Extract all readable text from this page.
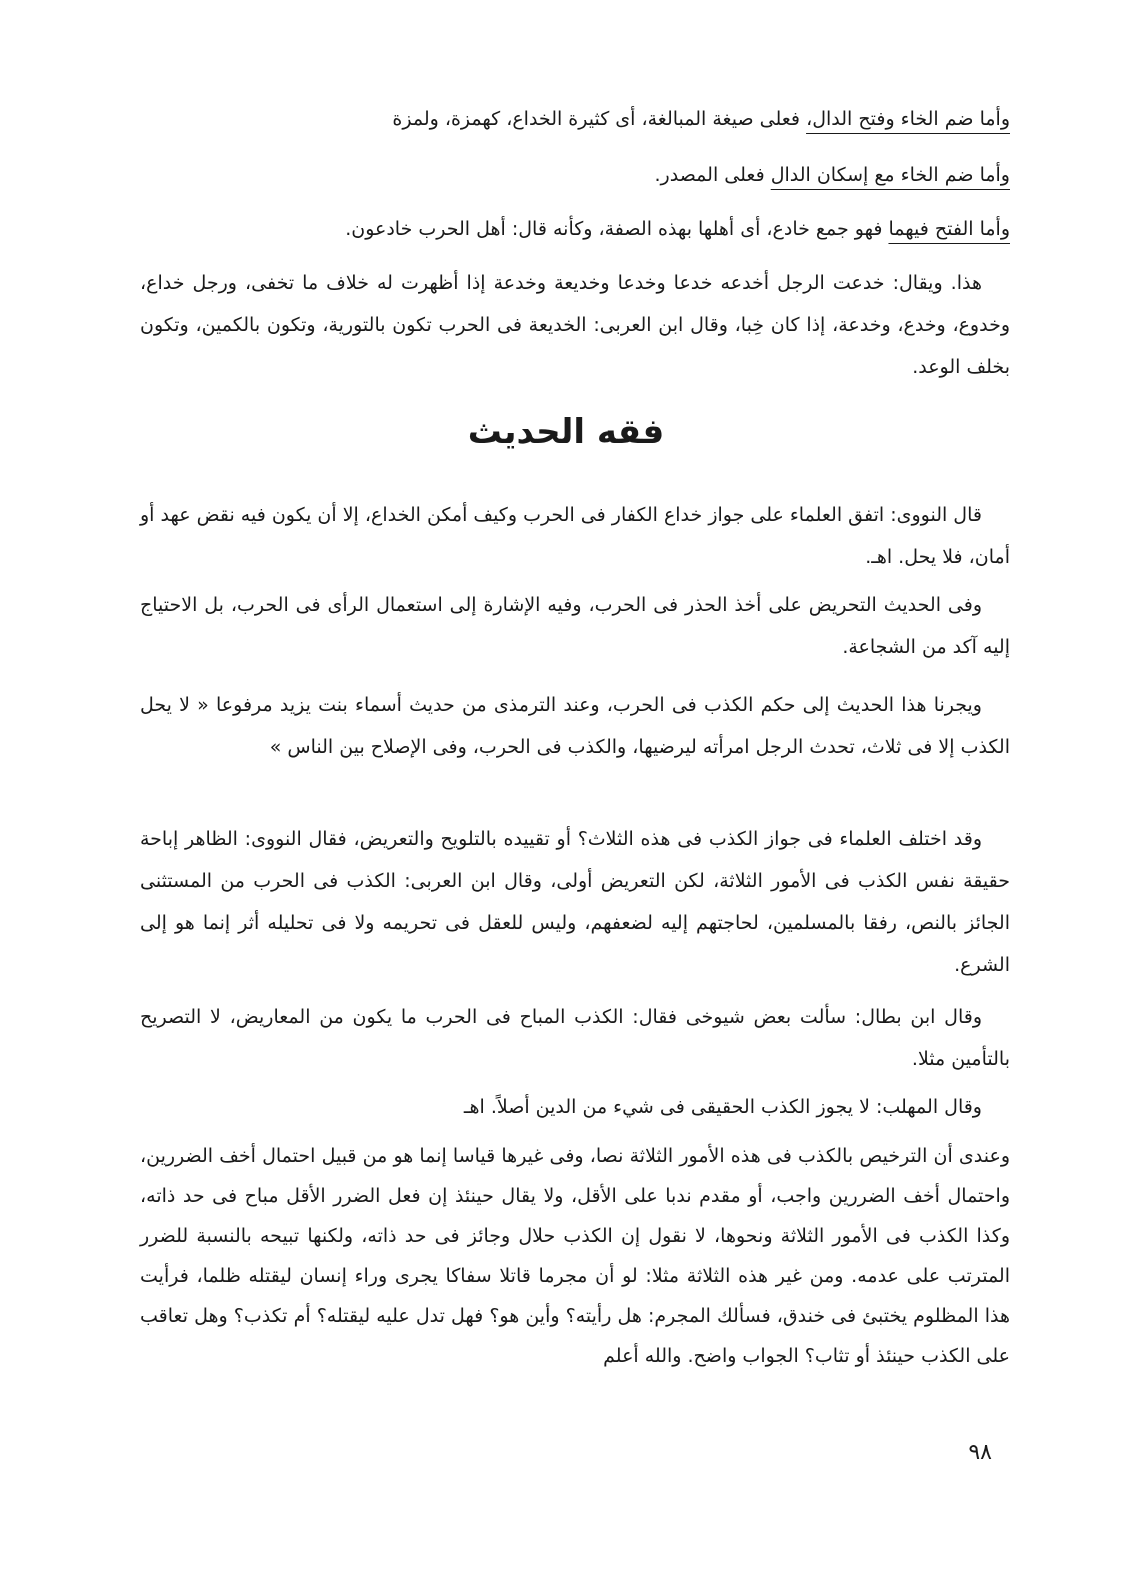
وأما ضم الخاء وفتح الدال، فعلى صيغة المبالغة، أى كثيرة الخداع، كهمزة، ولمزة

وأما ضم الخاء مع إسكان الدال فعلى المصدر.

وأما الفتح فيهما فهو جمع خادع، أى أهلها بهذه الصفة، وكأنه قال: أهل الحرب خادعون.

هذا. ويقال: خدعت الرجل أخدعه خدعا وخدعا وخديعة وخدعة إذا أظهرت له خلاف ما تخفى، ورجل خداع، وخدوع، وخدع، وخدعة، إذا كان خِبا، وقال ابن العربى: الخديعة فى الحرب تكون بالتورية، وتكون بالكمين، وتكون بخلف الوعد.

فقه الحديث

قال النووى: اتفق العلماء على جواز خداع الكفار فى الحرب وكيف أمكن الخداع، إلا أن يكون فيه نقض عهد أو أمان، فلا يحل. اهـ.

وفى الحديث التحريض على أخذ الحذر فى الحرب، وفيه الإشارة إلى استعمال الرأى فى الحرب، بل الاحتياج إليه آكد من الشجاعة.

ويجرنا هذا الحديث إلى حكم الكذب فى الحرب، وعند الترمذى من حديث أسماء بنت يزيد مرفوعا « لا يحل الكذب إلا فى ثلاث، تحدث الرجل امرأته ليرضيها، والكذب فى الحرب، وفى الإصلاح بين الناس »

وقد اختلف العلماء فى جواز الكذب فى هذه الثلاث؟ أو تقييده بالتلويح والتعريض، فقال النووى: الظاهر إباحة حقيقة نفس الكذب فى الأمور الثلاثة، لكن التعريض أولى، وقال ابن العربى: الكذب فى الحرب من المستثنى الجائز بالنص، رفقا بالمسلمين، لحاجتهم إليه لضعفهم، وليس للعقل فى تحريمه ولا فى تحليله أثر إنما هو إلى الشرع.

وقال ابن بطال: سألت بعض شيوخى فقال: الكذب المباح فى الحرب ما يكون من المعاريض، لا التصريح بالتأمين مثلا.

وقال المهلب: لا يجوز الكذب الحقيقى فى شيء من الدين أصلاً. اهـ

وعندى أن الترخيص بالكذب فى هذه الأمور الثلاثة نصا، وفى غيرها قياسا إنما هو من قبيل احتمال أخف الضررين، واحتمال أخف الضررين واجب، أو مقدم ندبا على الأقل، ولا يقال حينئذ إن فعل الضرر الأقل مباح فى حد ذاته، وكذا الكذب فى الأمور الثلاثة ونحوها، لا نقول إن الكذب حلال وجائز فى حد ذاته، ولكنها تبيحه بالنسبة للضرر المترتب على عدمه. ومن غير هذه الثلاثة مثلا: لو أن مجرما قاتلا سفاكا يجرى وراء إنسان ليقتله ظلما، فرأيت هذا المظلوم يختبئ فى خندق، فسألك المجرم: هل رأيته؟ وأين هو؟ فهل تدل عليه ليقتله؟ أم تكذب؟ وهل تعاقب على الكذب حينئذ أو تثاب؟ الجواب واضح. والله أعلم

٩٨
